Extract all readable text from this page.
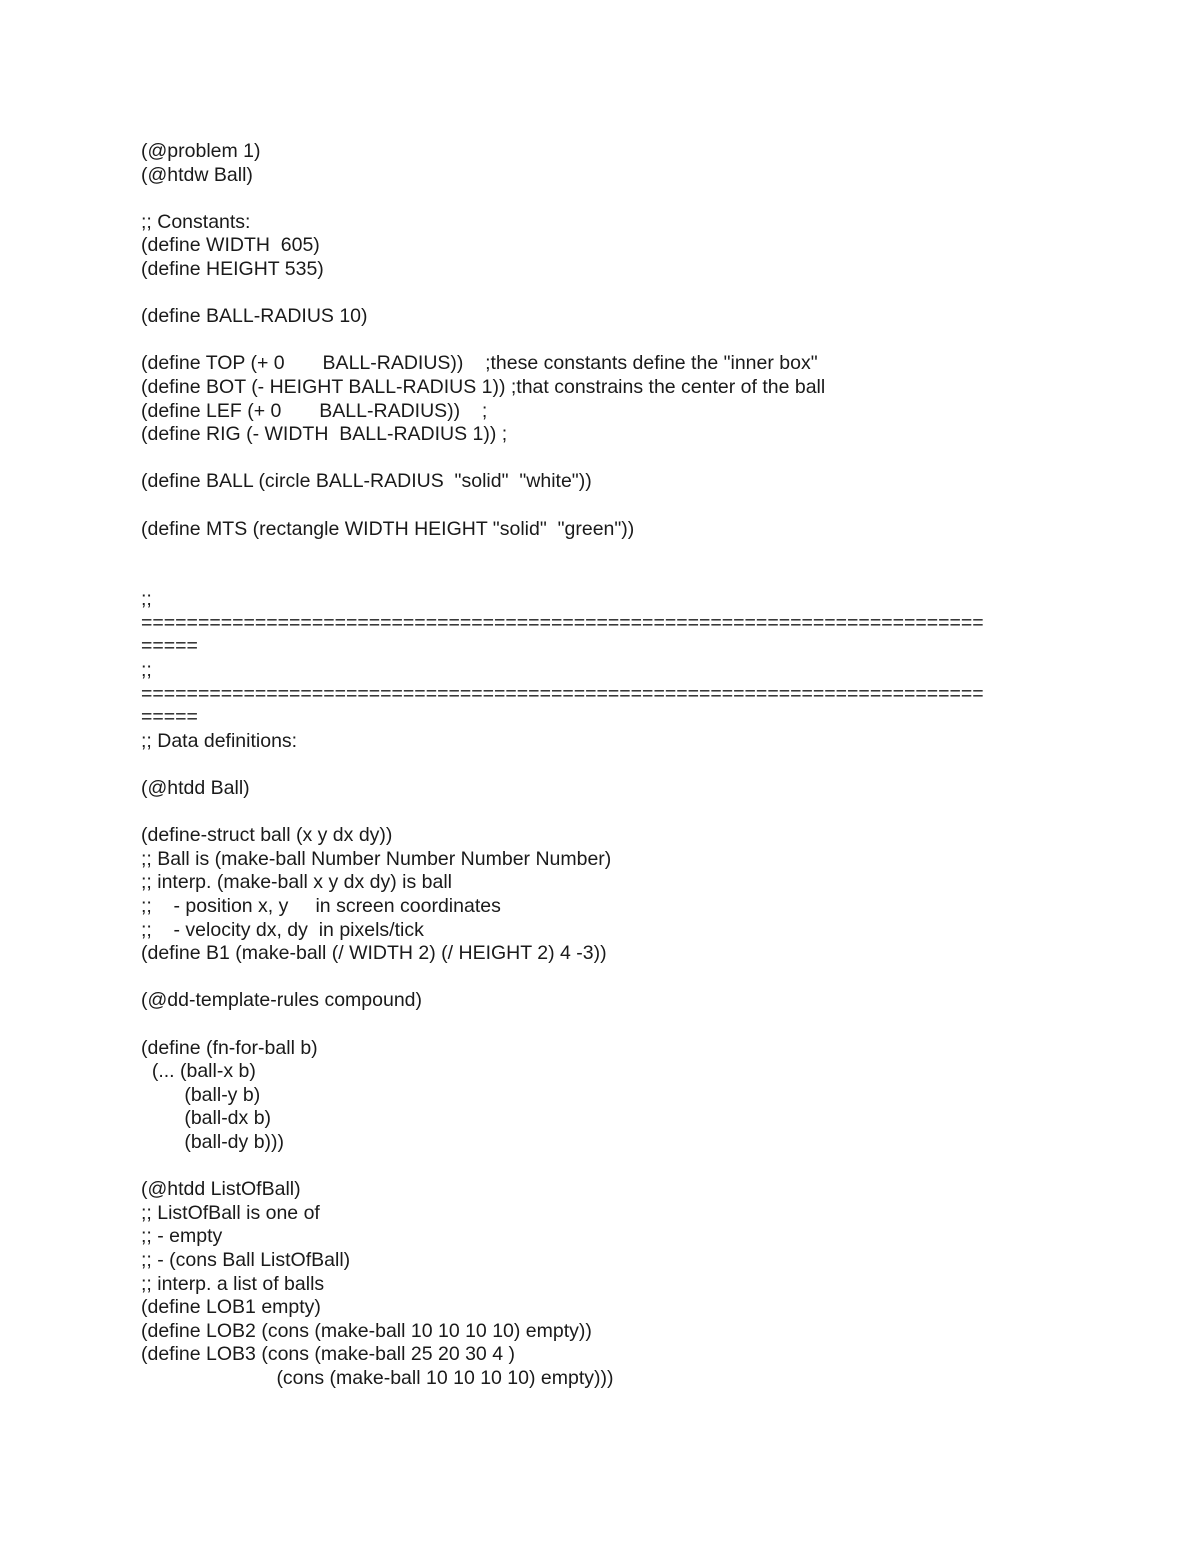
(@problem 1)
(@htdw Ball)
;; Constants:
(define WIDTH  605)
(define HEIGHT 535)
(define BALL-RADIUS 10)
(define TOP (+ 0       BALL-RADIUS))    ;these constants define the "inner box"
(define BOT (- HEIGHT BALL-RADIUS 1)) ;that constrains the center of the ball
(define LEF (+ 0       BALL-RADIUS))    ;
(define RIG (- WIDTH  BALL-RADIUS 1)) ;
(define BALL (circle BALL-RADIUS  "solid"  "white"))
(define MTS (rectangle WIDTH HEIGHT "solid"  "green"))
;;
==========================================================================
=====
;;
==========================================================================
=====
;; Data definitions:
(@htdd Ball)
(define-struct ball (x y dx dy))
;; Ball is (make-ball Number Number Number Number)
;; interp. (make-ball x y dx dy) is ball
;;    - position x, y     in screen coordinates
;;    - velocity dx, dy  in pixels/tick
(define B1 (make-ball (/ WIDTH 2) (/ HEIGHT 2) 4 -3))
(@dd-template-rules compound)
(define (fn-for-ball b)
(... (ball-x b)
(ball-y b)
(ball-dx b)
(ball-dy b)))
(@htdd ListOfBall)
;; ListOfBall is one of
;; - empty
;; - (cons Ball ListOfBall)
;; interp. a list of balls
(define LOB1 empty)
(define LOB2 (cons (make-ball 10 10 10 10) empty))
(define LOB3 (cons (make-ball 25 20 30 4 )
(cons (make-ball 10 10 10 10) empty)))
